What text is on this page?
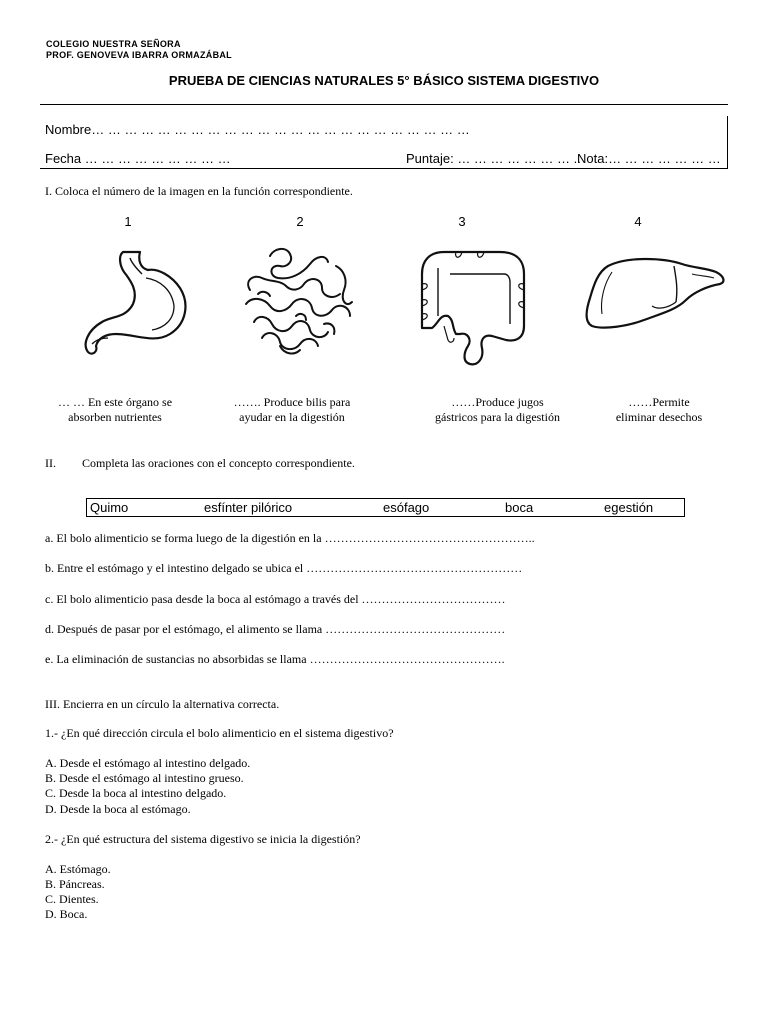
COLEGIO NUESTRA SEÑORA
PROF. GENOVEVA IBARRA ORMAZÁBAL
PRUEBA DE CIENCIAS NATURALES 5° BÁSICO SISTEMA DIGESTIVO
Nombre… … … … … … … … … … … … … … … … … … … … … … …
Fecha … … … … … … … … …	Puntaje: … … … … … … … ..
Nota:… … … … … … …
I. Coloca el número de la imagen en la función correspondiente.
1	2	3	4
… … En este órgano se
absorben nutrientes
……. Produce bilis para
ayudar en la digestión
……Produce jugos
gástricos para la digestión
……Permite
eliminar desechos
II. Completa las oraciones con el concepto correspondiente.
Quimo	esfínter pilórico	esófago	boca	egestión
a. El bolo alimenticio se forma luego de la digestión en la ……………………………………………..
b. Entre el estómago y el intestino delgado se ubica el ………………………………………………
c. El bolo alimenticio pasa desde la boca al estómago a través del ………………………………
d. Después de pasar por el estómago, el alimento se llama ………………………………………
e. La eliminación de sustancias no absorbidas se llama ………………………………………….
III. Encierra en un círculo la alternativa correcta.
1.- ¿En qué dirección circula el bolo alimenticio en el sistema digestivo?
A. Desde el estómago al intestino delgado.
B. Desde el estómago al intestino grueso.
C. Desde la boca al intestino delgado.
D. Desde la boca al estómago.
2.- ¿En qué estructura del sistema digestivo se inicia la digestión?
A. Estómago.
B. Páncreas.
C. Dientes.
D. Boca.
